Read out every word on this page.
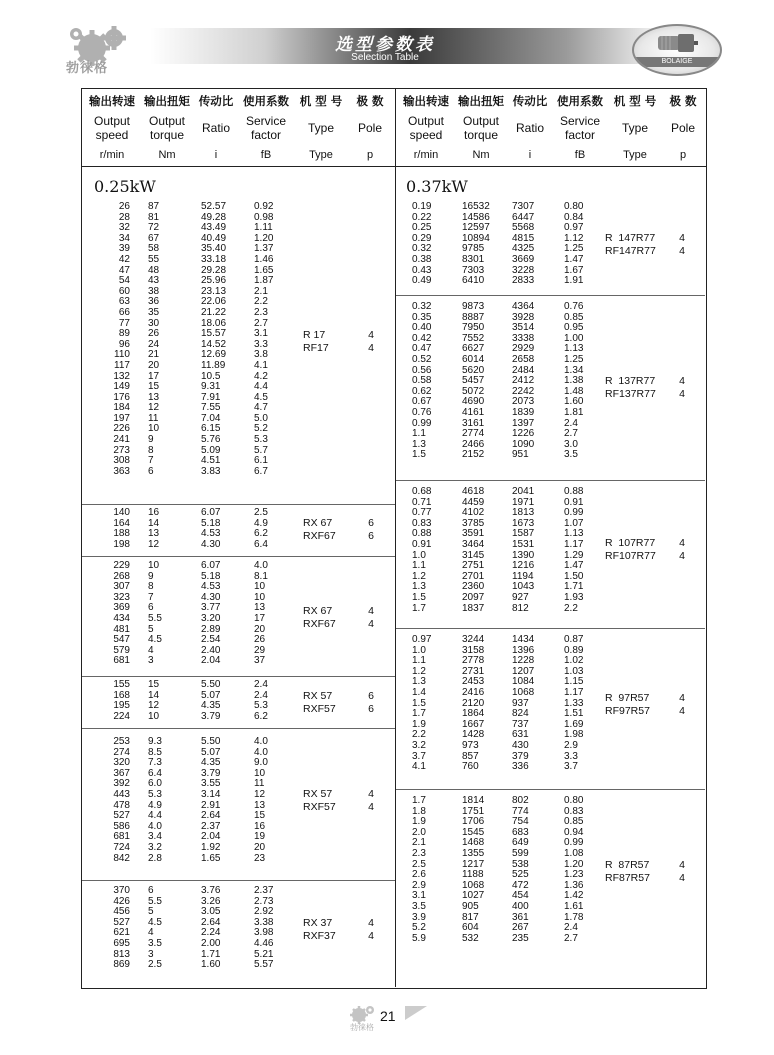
勃徕格
选型参数表
Selection Table	BOLAIGE
输出转速
Output
speed
r/min
输出扭矩
Output
torque
Nm
传动比
Ratio
i
使用系数
Service
factor
fB
机 型 号
Type
Type
极 数
Pole
p
输出转速
Output
speed
r/min
输出扭矩
Output
torque
Nm
传动比
Ratio
i
使用系数
Service
factor
fB
机 型 号
Type
Type
极 数
Pole
p
0.25kW	0.37kW
26
28
32
34
39
42
47
54
60
63
66
77
89
96
110
117
132
149
176
184
197
226
241
273
308
363
87
81
72
67
58
55
48
43
38
36
35
30
26
24
21
20
17
15
13
12
11
10
9
8
7
6
52.57
49.28
43.49
40.49
35.40
33.18
29.28
25.96
23.13
22.06
21.22
18.06
15.57
14.52
12.69
11.89
10.5
9.31
7.91
7.55
7.04
6.15
5.76
5.09
4.51
3.83
0.92
0.98
1.11
1.20
1.37
1.46
1.65
1.87
2.1
2.2
2.3
2.7
3.1
3.3
3.8
4.1
4.2
4.4
4.5
4.7
5.0
5.2
5.3
5.7
6.1
6.7
R 17
RF17
4
4
140
164
188
198
16
14
13
12
6.07
5.18
4.53
4.30
2.5
4.9
6.2
6.4
RX 67
RXF67
6
6
229
268
307
323
369
434
481
547
579
681
10
9
8
7
6
5.5
5
4.5
4
3
6.07
5.18
4.53
4.30
3.77
3.20
2.89
2.54
2.40
2.04
4.0
8.1
10
10
13
17
20
26
29
37
RX 67
RXF67
4
4
155
168
195
224
15
14
12
10
5.50
5.07
4.35
3.79
2.4
2.4
5.3
6.2
RX 57
RXF57
6
6
253
274
320
367
392
443
478
527
586
681
724
842
9.3
8.5
7.3
6.4
6.0
5.3
4.9
4.4
4.0
3.4
3.2
2.8
5.50
5.07
4.35
3.79
3.55
3.14
2.91
2.64
2.37
2.04
1.92
1.65
4.0
4.0
9.0
10
11
12
13
15
16
19
20
23
RX 57
RXF57
4
4
370
426
456
527
621
695
813
869
6
5.5
5
4.5
4
3.5
3
2.5
3.76
3.26
3.05
2.64
2.24
2.00
1.71
1.60
2.37
2.73
2.92
3.38
3.98
4.46
5.21
5.57
RX 37
RXF37
4
4
0.19
0.22
0.25
0.29
0.32
0.38
0.43
0.49
16532
14586
12597
10894
9785
8301
7303
6410
7307
6447
5568
4815
4325
3669
3228
2833
0.80
0.84
0.97
1.12
1.25
1.47
1.67
1.91
R  147R77
RF147R77
4
4
0.32
0.35
0.40
0.42
0.47
0.52
0.56
0.58
0.62
0.67
0.76
0.99
1.1
1.3
1.5
9873
8887
7950
7552
6627
6014
5620
5457
5072
4690
4161
3161
2774
2466
2152
4364
3928
3514
3338
2929
2658
2484
2412
2242
2073
1839
1397
1226
1090
951
0.76
0.85
0.95
1.00
1.13
1.25
1.34
1.38
1.48
1.60
1.81
2.4
2.7
3.0
3.5
R  137R77
RF137R77
4
4
0.68
0.71
0.77
0.83
0.88
0.91
1.0
1.1
1.2
1.3
1.5
1.7
4618
4459
4102
3785
3591
3464
3145
2751
2701
2360
2097
1837
2041
1971
1813
1673
1587
1531
1390
1216
1194
1043
927
812
0.88
0.91
0.99
1.07
1.13
1.17
1.29
1.47
1.50
1.71
1.93
2.2
R  107R77
RF107R77
4
4
0.97
1.0
1.1
1.2
1.3
1.4
1.5
1.7
1.9
2.2
3.2
3.7
4.1
3244
3158
2778
2731
2453
2416
2120
1864
1667
1428
973
857
760
1434
1396
1228
1207
1084
1068
937
824
737
631
430
379
336
0.87
0.89
1.02
1.03
1.15
1.17
1.33
1.51
1.69
1.98
2.9
3.3
3.7
R  97R57
RF97R57
4
4
1.7
1.8
1.9
2.0
2.1
2.3
2.5
2.6
2.9
3.1
3.5
3.9
5.2
5.9
1814
1751
1706
1545
1468
1355
1217
1188
1068
1027
905
817
604
532
802
774
754
683
649
599
538
525
472
454
400
361
267
235
0.80
0.83
0.85
0.94
0.99
1.08
1.20
1.23
1.36
1.42
1.61
1.78
2.4
2.7
R  87R57
RF87R57
4
4
勃徕格
21
